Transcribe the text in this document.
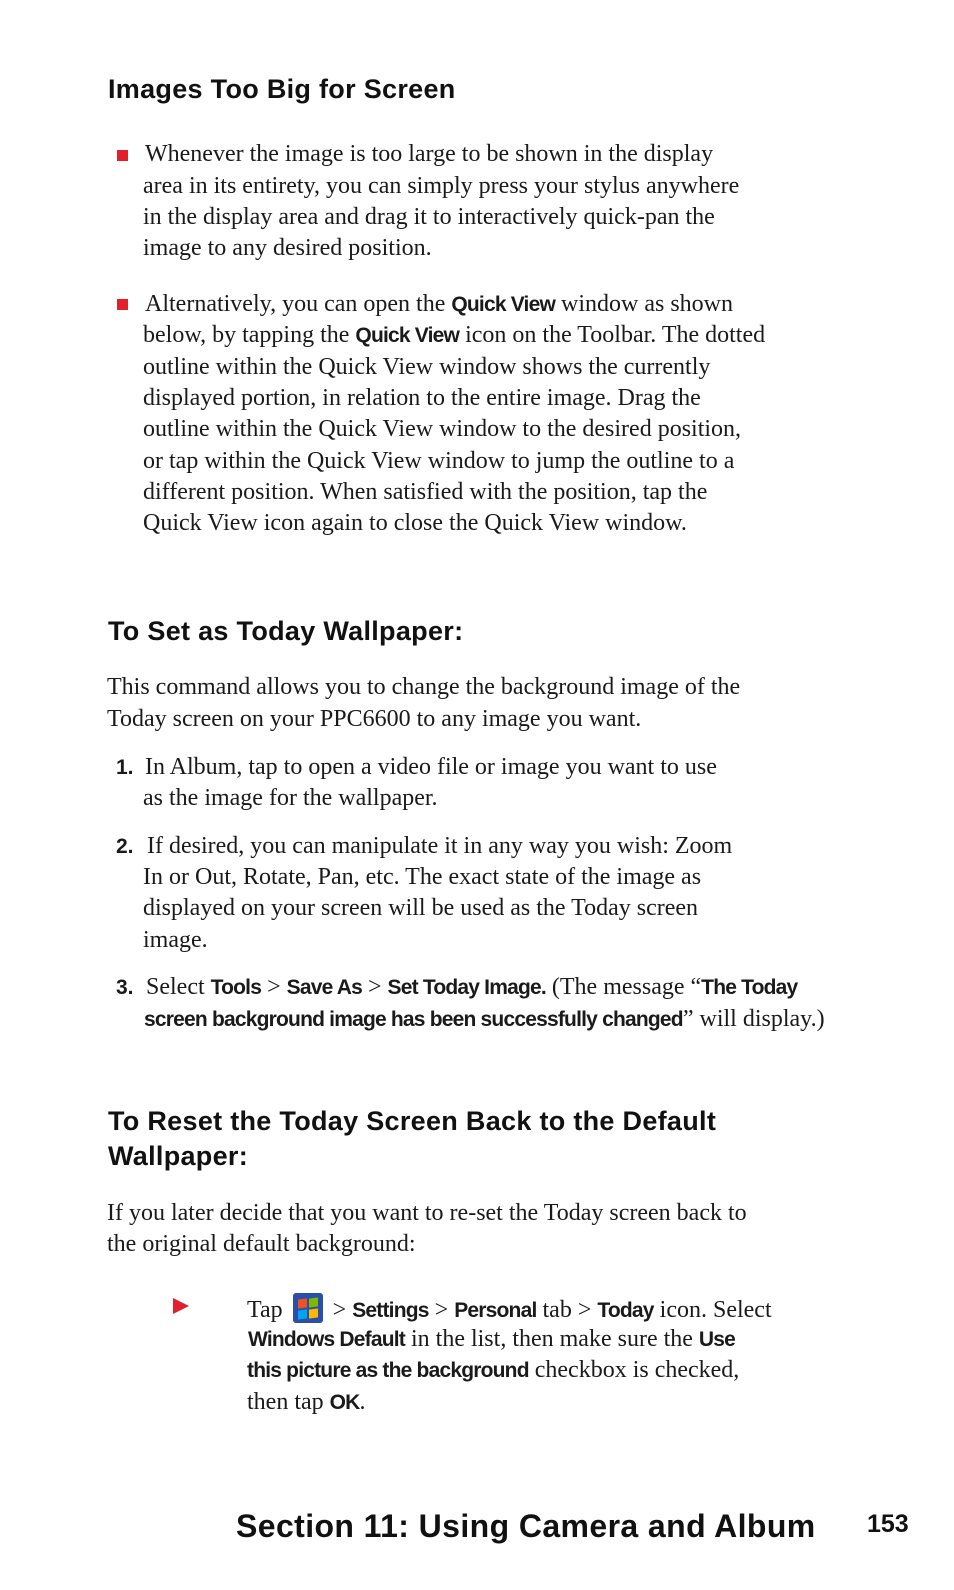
Images Too Big for Screen

Whenever the image is too large to be shown in the display

area in its entirety, you can simply press your stylus anywhere

in the display area and drag it to interactively quick-pan the

image to any desired position.

Alternatively, you can open the Quick View window as shown

below, by tapping the Quick View icon on the Toolbar. The dotted

outline within the Quick View window shows the currently

displayed portion, in relation to the entire image. Drag the

outline within the Quick View window to the desired position,

or tap within the Quick View window to jump the outline to a

different position. When satisfied with the position, tap the

Quick View icon again to close the Quick View window.

To Set as Today Wallpaper:

This command allows you to change the background image of the

Today screen on your PPC6600 to any image you want.

1. In Album, tap to open a video file or image you want to use

as the image for the wallpaper.

2. If desired, you can manipulate it in any way you wish: Zoom

In or Out, Rotate, Pan, etc. The exact state of the image as

displayed on your screen will be used as the Today screen

image.

3. Select Tools > Save As > Set Today Image. (The message “The Today

screen background image has been successfully changed” will display.)

To Reset the Today Screen Back to the Default
Wallpaper:

If you later decide that you want to re-set the Today screen back to

the original default background:

Tap
> Settings > Personal tab > Today icon. Select

Windows Default in the list, then make sure the Use

this picture as the background checkbox is checked,

then tap OK.

Section 11: Using Camera and Album 153
